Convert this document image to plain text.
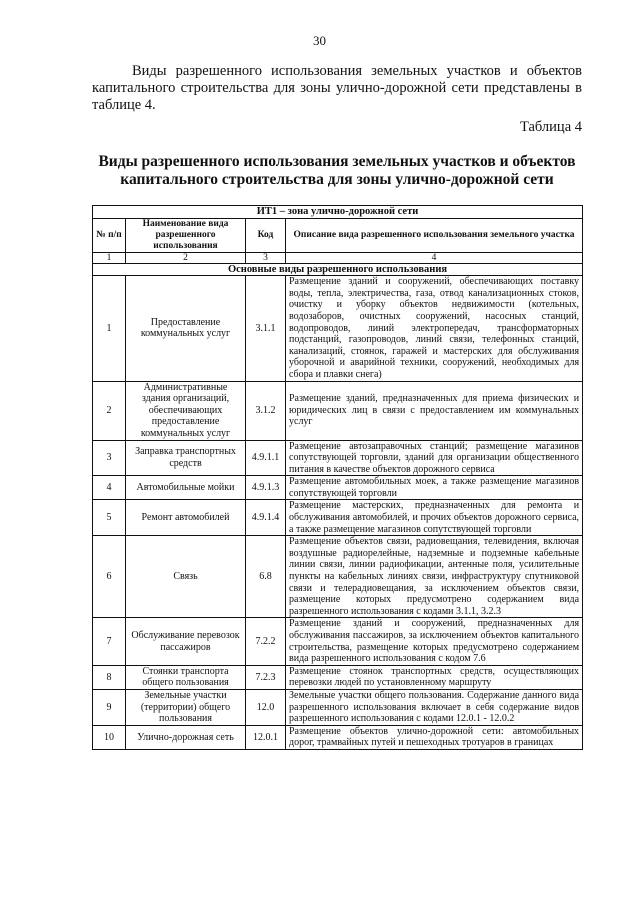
30

Виды разрешенного использования земельных участков и объектов капитального строительства для зоны улично-дорожной сети представлены в таблице 4.

Таблица 4
Виды разрешенного использования земельных участков и объектов капитального строительства для зоны улично-дорожной сети
ИТ1 – зона улично-дорожной сети			
№ п/п	Наименование вида разрешенного использования	Код	Описание вида разрешенного использования земельного участка
1	2	3	4
Основные виды разрешенного использования			
1	Предоставление коммунальных услуг	3.1.1	Размещение зданий и сооружений, обеспечивающих поставку воды, тепла, электричества, газа, отвод канализационных стоков, очистку и уборку объектов недвижимости (котельных, водозаборов, очистных сооружений, насосных станций, водопроводов, линий электропередач, трансформаторных подстанций, газопроводов, линий связи, телефонных станций, канализаций, стоянок, гаражей и мастерских для обслуживания уборочной и аварийной техники, сооружений, необходимых для сбора и плавки снега)
2	Административные здания организаций, обеспечивающих предоставление коммунальных услуг	3.1.2	Размещение зданий, предназначенных для приема физических и юридических лиц в связи с предоставлением им коммунальных услуг
3	Заправка транспортных средств	4.9.1.1	Размещение автозаправочных станций; размещение магазинов сопутствующей торговли, зданий для организации общественного питания в качестве объектов дорожного сервиса
4	Автомобильные мойки	4.9.1.3	Размещение автомобильных моек, а также размещение магазинов сопутствующей торговли
5	Ремонт автомобилей	4.9.1.4	Размещение мастерских, предназначенных для ремонта и обслуживания автомобилей, и прочих объектов дорожного сервиса, а также размещение магазинов сопутствующей торговли
6	Связь	6.8	Размещение объектов связи, радиовещания, телевидения, включая воздушные радиорелейные, надземные и подземные кабельные линии связи, линии радиофикации, антенные поля, усилительные пункты на кабельных линиях связи, инфраструктуру спутниковой связи и телерадиовещания, за исключением объектов связи, размещение которых предусмотрено содержанием вида разрешенного использования с кодами 3.1.1, 3.2.3
7	Обслуживание перевозок пассажиров	7.2.2	Размещение зданий и сооружений, предназначенных для обслуживания пассажиров, за исключением объектов капитального строительства, размещение которых предусмотрено содержанием вида разрешенного использования с кодом 7.6
8	Стоянки транспорта общего пользования	7.2.3	Размещение стоянок транспортных средств, осуществляющих перевозки людей по установленному маршруту
9	Земельные участки (территории) общего пользования	12.0	Земельные участки общего пользования. Содержание данного вида разрешенного использования включает в себя содержание видов разрешенного использования с кодами 12.0.1 - 12.0.2
10	Улично-дорожная сеть	12.0.1	Размещение объектов улично-дорожной сети: автомобильных дорог, трамвайных путей и пешеходных тротуаров в границах
